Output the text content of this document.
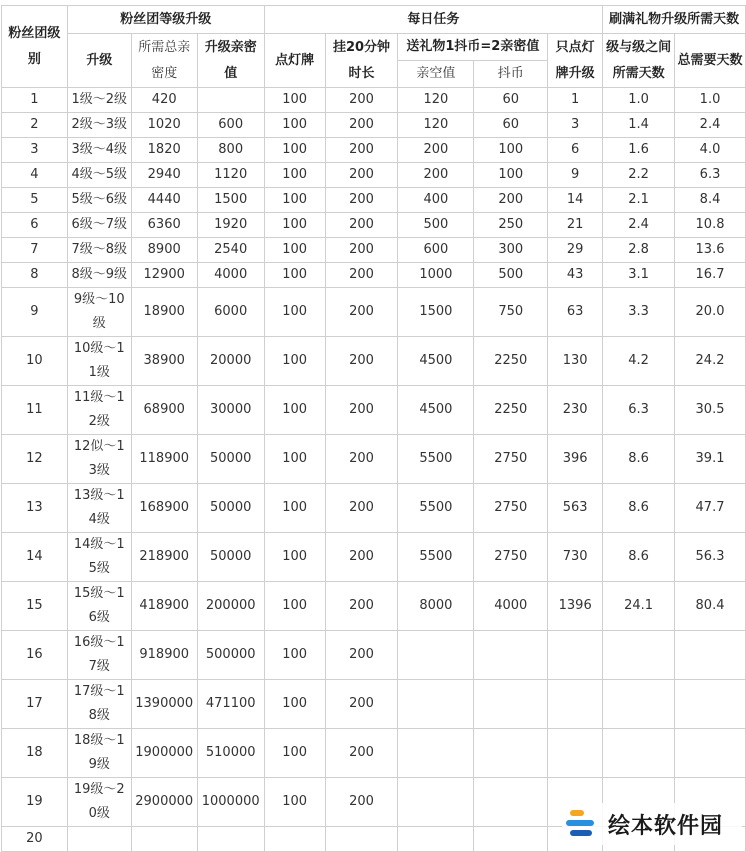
粉丝团级别	粉丝团等级升级			每日任务					刷满礼物升级所需天数	
	升级	所需总亲密度	升级亲密值	点灯牌	挂20分钟时长	送礼物1抖币=2亲密值		只点灯牌升级	级与级之间所需天数	总需要天数
						亲空值	抖币			
1	1级～2级	420		100	200	120	60	1	1.0	1.0
2	2级～3级	1020	600	100	200	120	60	3	1.4	2.4
3	3级～4级	1820	800	100	200	200	100	6	1.6	4.0
4	4级～5级	2940	1120	100	200	200	100	9	2.2	6.3
5	5级～6级	4440	1500	100	200	400	200	14	2.1	8.4
6	6级～7级	6360	1920	100	200	500	250	21	2.4	10.8
7	7级～8级	8900	2540	100	200	600	300	29	2.8	13.6
8	8级～9级	12900	4000	100	200	1000	500	43	3.1	16.7
9	9级～10级	18900	6000	100	200	1500	750	63	3.3	20.0
10	10级～11级	38900	20000	100	200	4500	2250	130	4.2	24.2
11	11级～12级	68900	30000	100	200	4500	2250	230	6.3	30.5
12	12似～13级	118900	50000	100	200	5500	2750	396	8.6	39.1
13	13级～14级	168900	50000	100	200	5500	2750	563	8.6	47.7
14	14级～15级	218900	50000	100	200	5500	2750	730	8.6	56.3
15	15级～16级	418900	200000	100	200	8000	4000	1396	24.1	80.4
16	16级～17级	918900	500000	100	200					
17	17级～18级	1390000	471100	100	200					
18	18级～19级	1900000	510000	100	200					
19	19级～20级	2900000	1000000	100	200					
20											绘本软件园
